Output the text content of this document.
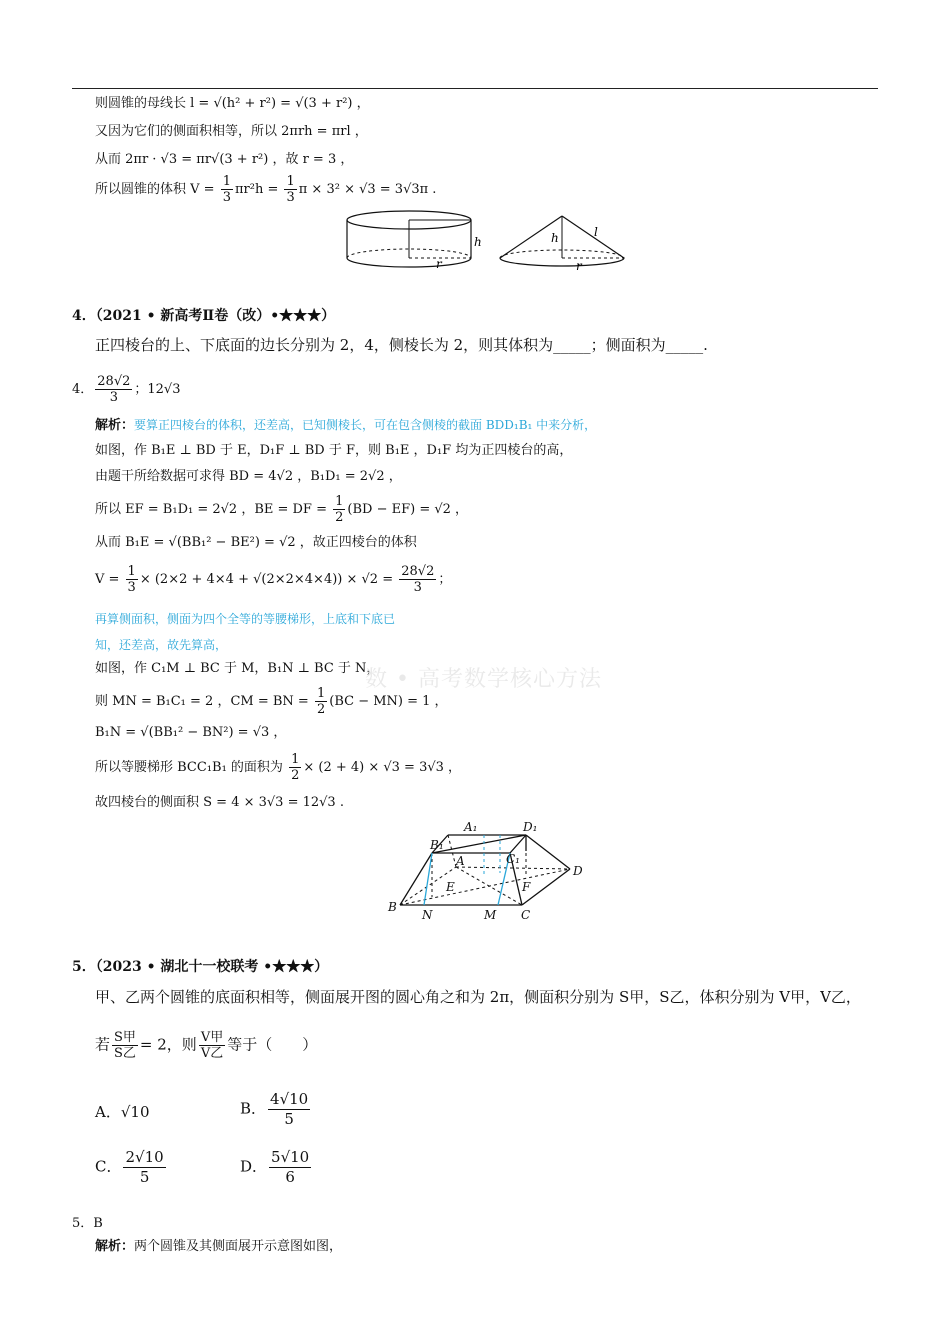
则圆锥的母线长 l = √(h² + r²) = √(3 + r²) ，
又因为它们的侧面积相等，所以 2πrh = πrl ，
从而 2πr · √3 = πr√(3 + r²) ，故 r = 3 ，
所以圆锥的体积 $V = \frac{1}{3} \pi r^2h = \frac{1}{3}$ π × 3² × √3 = 3√3π .
h
r
h	l
r
4．（2021 • 新高考Ⅱ卷（改）•★★★）
正四棱台的上、下底面的边长分别为 2，4，侧棱长为 2，则其体积为_____；侧面积为_____.
4． $\frac{28√2}{3}$ ；12√3
解析：要算正四棱台的体积，还差高，已知侧棱长，可在包含侧棱的截面 BDD₁B₁ 中来分析，
如图，作 B₁E ⊥ BD 于 E，D₁F ⊥ BD 于 F，则 B₁E ，D₁F 均为正四棱台的高，
由题干所给数据可求得 BD = 4√2 ，B₁D₁ = 2√2 ，
所以 EF = B₁D₁ = 2√2 ，BE = DF = $\frac{1}{2} (BD - EF) = √2$ ，
从而 B₁E = √(BB₁² − BE²) = √2 ，故正四棱台的体积
$V = \frac{1}{3} \times (2\times 2 + 4\times 4 + √(2\times 2\times 4\times 4)) \times √2 = \frac{28√2}{3}$ ；
再算侧面积，侧面为四个全等的等腰梯形，上底和下底已
知，还差高，故先算高，
如图，作 C₁M ⊥ BC 于 M，B₁N ⊥ BC 于 N，
数 • 高考数学核心方法
则 MN = B₁C₁ = 2 ，CM = BN = $\frac{1}{2} (BC - MN) = 1$ ，
B₁N = √(BB₁² − BN²) = √3 ，
所以等腰梯形 BCC₁B₁ 的面积为 $\frac{1}{2} \times (2 + 4) \times √3 = 3√3$ ，
故四棱台的侧面积 S = 4 × 3√3 = 12√3 .
A₁	D₁
B₁
C₁
A
D
E	F
B
N	M C
5．（2023 • 湖北十一校联考 •★★★）
甲、乙两个圆锥的底面积相等，侧面展开图的圆心角之和为 2π，侧面积分别为 S甲，S乙，体积分别为 V甲，V乙，
若 $\frac{\text{S甲}}{\text{S乙}} = 2$，则 $\frac{\text{V甲}}{\text{V乙}}$ 等于（　　）
A．√10	B． $\frac{4√10}{5}$
C． $\frac{2√10}{5}$	D． $\frac{5√10}{6}$
5．B
解析：两个圆锥及其侧面展开示意图如图，
